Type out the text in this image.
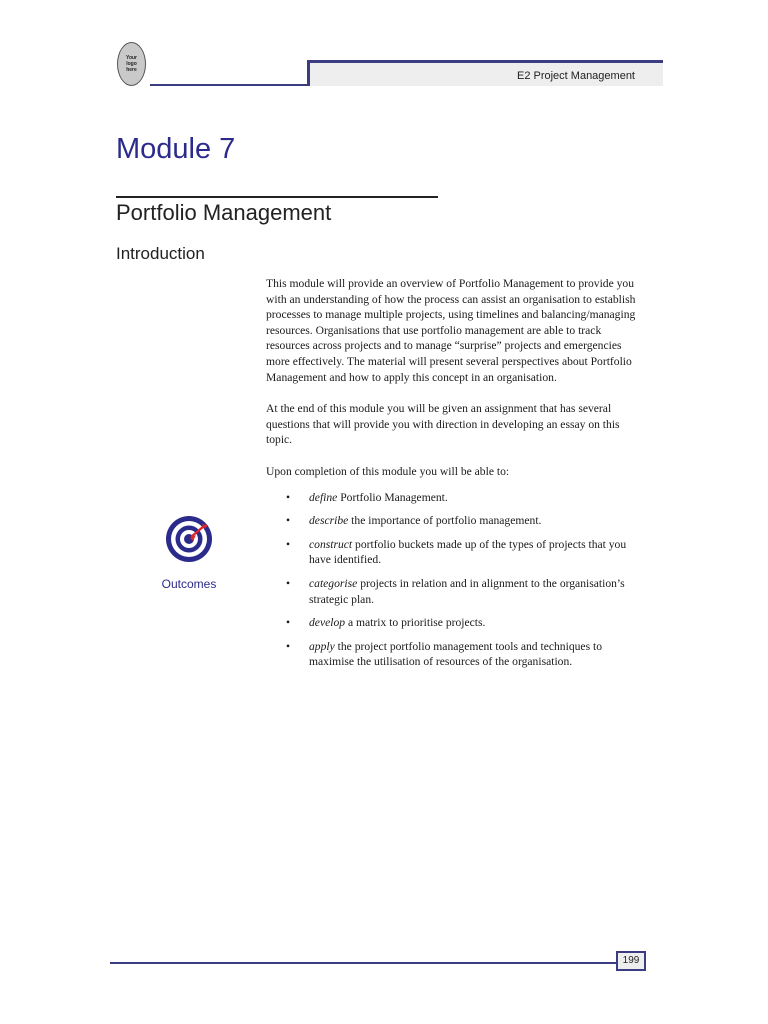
Your
logo
here	E2 Project Management
Module 7
Portfolio Management
Introduction

This module will provide an overview of Portfolio Management to provide you with an understanding of how the process can assist an organisation to establish processes to manage multiple projects, using timelines and balancing/managing resources. Organisations that use portfolio management are able to track resources across projects and to manage “surprise” projects and emergencies more effectively. The material will present several perspectives about Portfolio Management and how to apply this concept in an organisation.

At the end of this module you will be given an assignment that has several questions that will provide you with direction in developing an essay on this topic.

Upon completion of this module you will be able to:

• define Portfolio Management.
• describe the importance of portfolio management.
• construct portfolio buckets made up of the types of projects that you have identified.
• categorise projects in relation and in alignment to the organisation’s strategic plan.
• develop a matrix to prioritise projects.
• apply the project portfolio management tools and techniques to maximise the utilisation of resources of the organisation.
Outcomes
199
